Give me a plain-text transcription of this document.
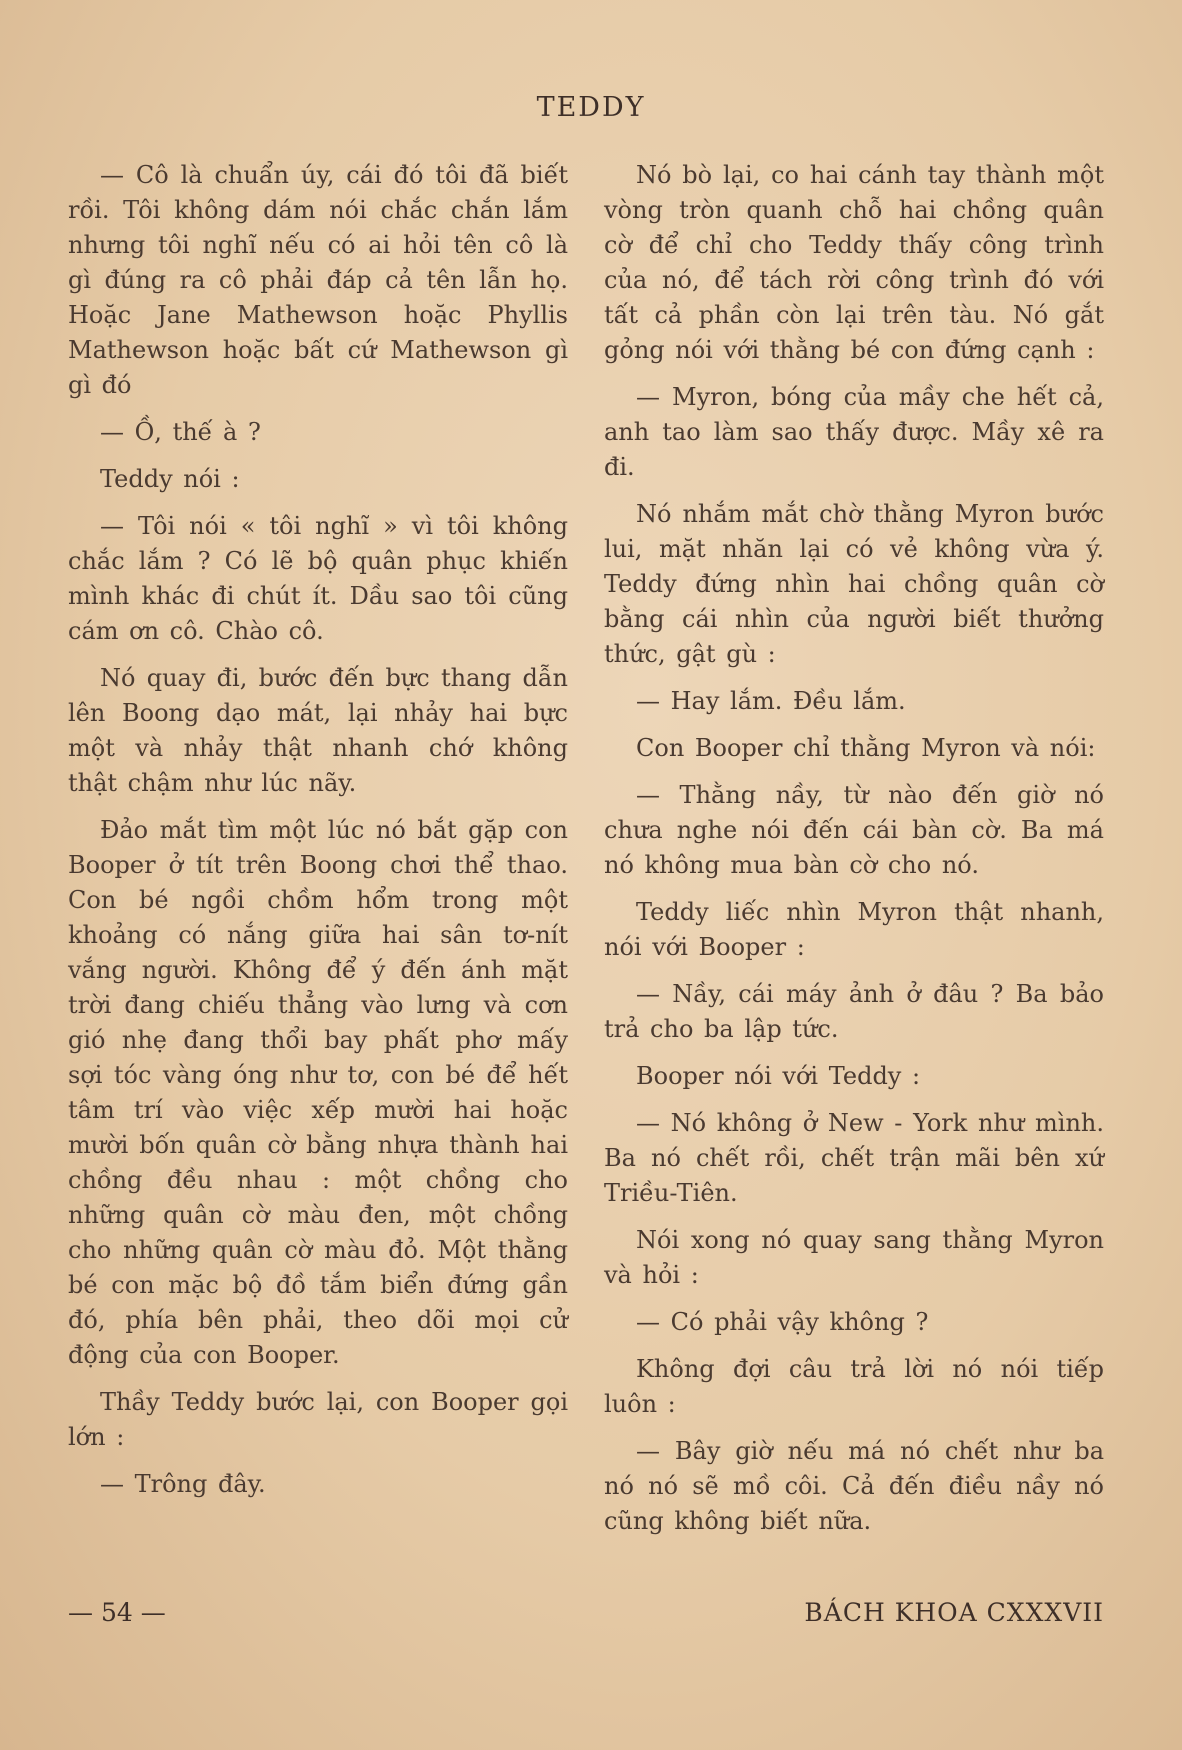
TEDDY

— Cô là chuẩn úy, cái đó tôi đã biết rồi. Tôi không dám nói chắc chắn lắm nhưng tôi nghĩ nếu có ai hỏi tên cô là gì đúng ra cô phải đáp cả tên lẫn họ. Hoặc Jane Mathewson hoặc Phyllis Mathewson hoặc bất cứ Mathewson gì gì đó

— Ồ, thế à ?

Teddy nói :

— Tôi nói « tôi nghĩ » vì tôi không chắc lắm ? Có lẽ bộ quân phục khiến mình khác đi chút ít. Dầu sao tôi cũng cám ơn cô. Chào cô.

Nó quay đi, bước đến bực thang dẫn lên Boong dạo mát, lại nhảy hai bực một và nhảy thật nhanh chớ không thật chậm như lúc nãy.

Đảo mắt tìm một lúc nó bắt gặp con Booper ở tít trên Boong chơi thể thao. Con bé ngồi chồm hổm trong một khoảng có nắng giữa hai sân tơ-nít vắng người. Không để ý đến ánh mặt trời đang chiếu thẳng vào lưng và cơn gió nhẹ đang thổi bay phất phơ mấy sợi tóc vàng óng như tơ, con bé để hết tâm trí vào việc xếp mười hai hoặc mười bốn quân cờ bằng nhựa thành hai chồng đều nhau : một chồng cho những quân cờ màu đen, một chồng cho những quân cờ màu đỏ. Một thằng bé con mặc bộ đồ tắm biển đứng gần đó, phía bên phải, theo dõi mọi cử động của con Booper.

Thầy Teddy bước lại, con Booper gọi lớn :

— Trông đây.

Nó bò lại, co hai cánh tay thành một vòng tròn quanh chỗ hai chồng quân cờ để chỉ cho Teddy thấy công trình của nó, để tách rời công trình đó với tất cả phần còn lại trên tàu. Nó gắt gỏng nói với thằng bé con đứng cạnh :

— Myron, bóng của mầy che hết cả, anh tao làm sao thấy được. Mầy xê ra đi.

Nó nhắm mắt chờ thằng Myron bước lui, mặt nhăn lại có vẻ không vừa ý. Teddy đứng nhìn hai chồng quân cờ bằng cái nhìn của người biết thưởng thức, gật gù :

— Hay lắm. Đều lắm.

Con Booper chỉ thằng Myron và nói:

— Thằng nầy, từ nào đến giờ nó chưa nghe nói đến cái bàn cờ. Ba má nó không mua bàn cờ cho nó.

Teddy liếc nhìn Myron thật nhanh, nói với Booper :

— Nầy, cái máy ảnh ở đâu ? Ba bảo trả cho ba lập tức.

Booper nói với Teddy :

— Nó không ở New - York như mình. Ba nó chết rồi, chết trận mãi bên xứ Triều-Tiên.

Nói xong nó quay sang thằng Myron và hỏi :

— Có phải vậy không ?

Không đợi câu trả lời nó nói tiếp luôn :

— Bây giờ nếu má nó chết như ba nó nó sẽ mồ côi. Cả đến điều nầy nó cũng không biết nữa.

— 54 —	BÁCH KHOA CXXXVII
